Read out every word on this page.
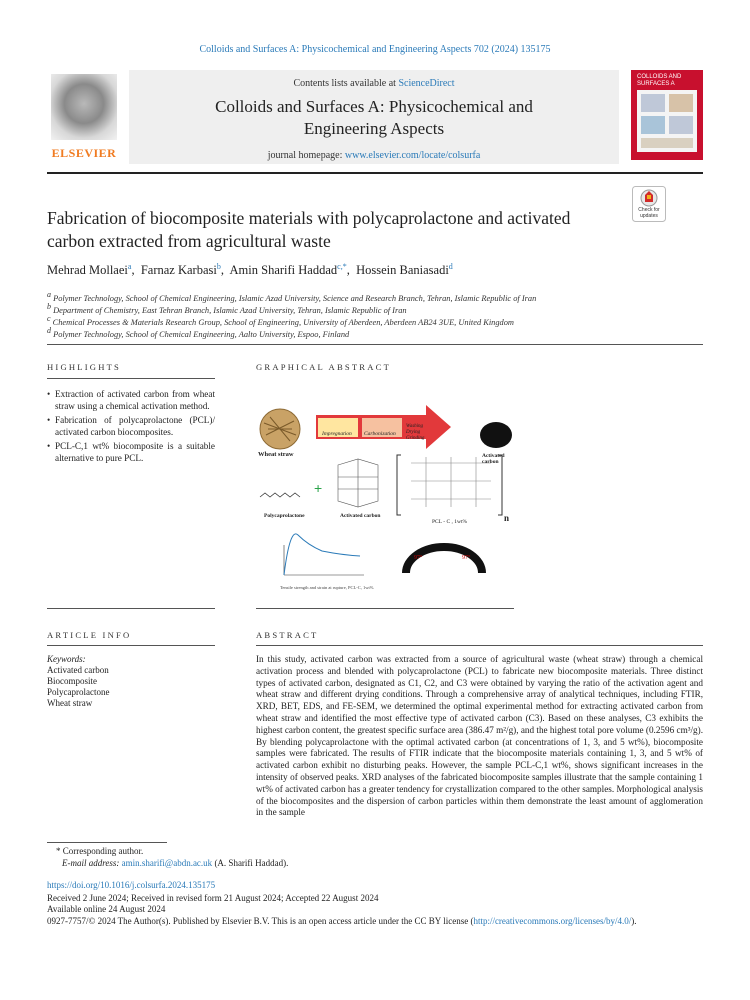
Colloids and Surfaces A: Physicochemical and Engineering Aspects 702 (2024) 135175
ELSEVIER
Contents lists available at ScienceDirect
Colloids and Surfaces A: Physicochemical and
Engineering Aspects
journal homepage: www.elsevier.com/locate/colsurfa
COLLOIDS AND SURFACES A
Fabrication of biocomposite materials with polycaprolactone and activated
carbon extracted from agricultural waste
Check for updates
Mehrad Mollaei$^a$,  Farnaz Karbasi$^b$,  Amin Sharifi Haddad$^{c,*}$,  Hossein Baniasadi$^d$
$^a$ Polymer Technology, School of Chemical Engineering, Islamic Azad University, Science and Research Branch, Tehran, Islamic Republic of Iran
$^b$ Department of Chemistry, East Tehran Branch, Islamic Azad University, Tehran, Islamic Republic of Iran
$^c$ Chemical Processes & Materials Research Group, School of Engineering, University of Aberdeen, Aberdeen AB24 3UE, United Kingdom
$^d$ Polymer Technology, School of Chemical Engineering, Aalto University, Espoo, Finland
HIGHLIGHTS	GRAPHICAL ABSTRACT
• Extraction of activated carbon from wheat straw using a chemical activation method.
• Fabrication of polycaprolactone (PCL)/ activated carbon biocomposites.
• PCL-C,1 wt% biocomposite is a suitable alternative to pure PCL.
+
Wheat straw
Impregnation Carbonization
Washing
Drying
Grinding
Activated carbon
Polycaprolactone	Activated carbon
PCL - C , 1wt%	n
97°	97°
Tensile strength and strain at rupture, PCL-C, 1wt%
ARTICLE INFO	ABSTRACT
Keywords:
Activated carbon
Biocomposite
Polycaprolactone
Wheat straw
In this study, activated carbon was extracted from a source of agricultural waste (wheat straw) through a chemical activation process and blended with polycaprolactone (PCL) to fabricate new biocomposite materials. Three distinct types of activated carbon, designated as C1, C2, and C3 were obtained by varying the ratio of the activation agent and wheat straw and different drying conditions. Through a comprehensive array of analytical techniques, including FTIR, XRD, BET, EDS, and FE-SEM, we determined the optimal experimental method for extracting activated carbon from wheat straw and identified the most effective type of activated carbon (C3). Based on these analyses, C3 exhibits the highest carbon content, the greatest specific surface area (386.47 m²/g), and the highest total pore volume (0.2596 cm³/g). By blending polycaprolactone with the optimal activated carbon (at concentrations of 1, 3, and 5 wt%), biocomposite samples were fabricated. The results of FTIR indicate that the biocomposite materials containing 1, 3, and 5 wt% of activated carbon exhibit no disturbing peaks. However, the sample PCL-C,1 wt%, shows significant increases in the intensity of observed peaks. XRD analyses of the fabricated biocomposite samples illustrate that the sample containing 1 wt% of activated carbon has a greater tendency for crystallization compared to the other samples. Morphological analysis of the biocomposites and the dispersion of carbon particles within them demonstrate the least amount of agglomeration in the sample
* Corresponding author.
E-mail address: amin.sharifi@abdn.ac.uk (A. Sharifi Haddad).
https://doi.org/10.1016/j.colsurfa.2024.135175
Received 2 June 2024; Received in revised form 21 August 2024; Accepted 22 August 2024
Available online 24 August 2024
0927-7757/© 2024 The Author(s). Published by Elsevier B.V. This is an open access article under the CC BY license (http://creativecommons.org/licenses/by/4.0/).
